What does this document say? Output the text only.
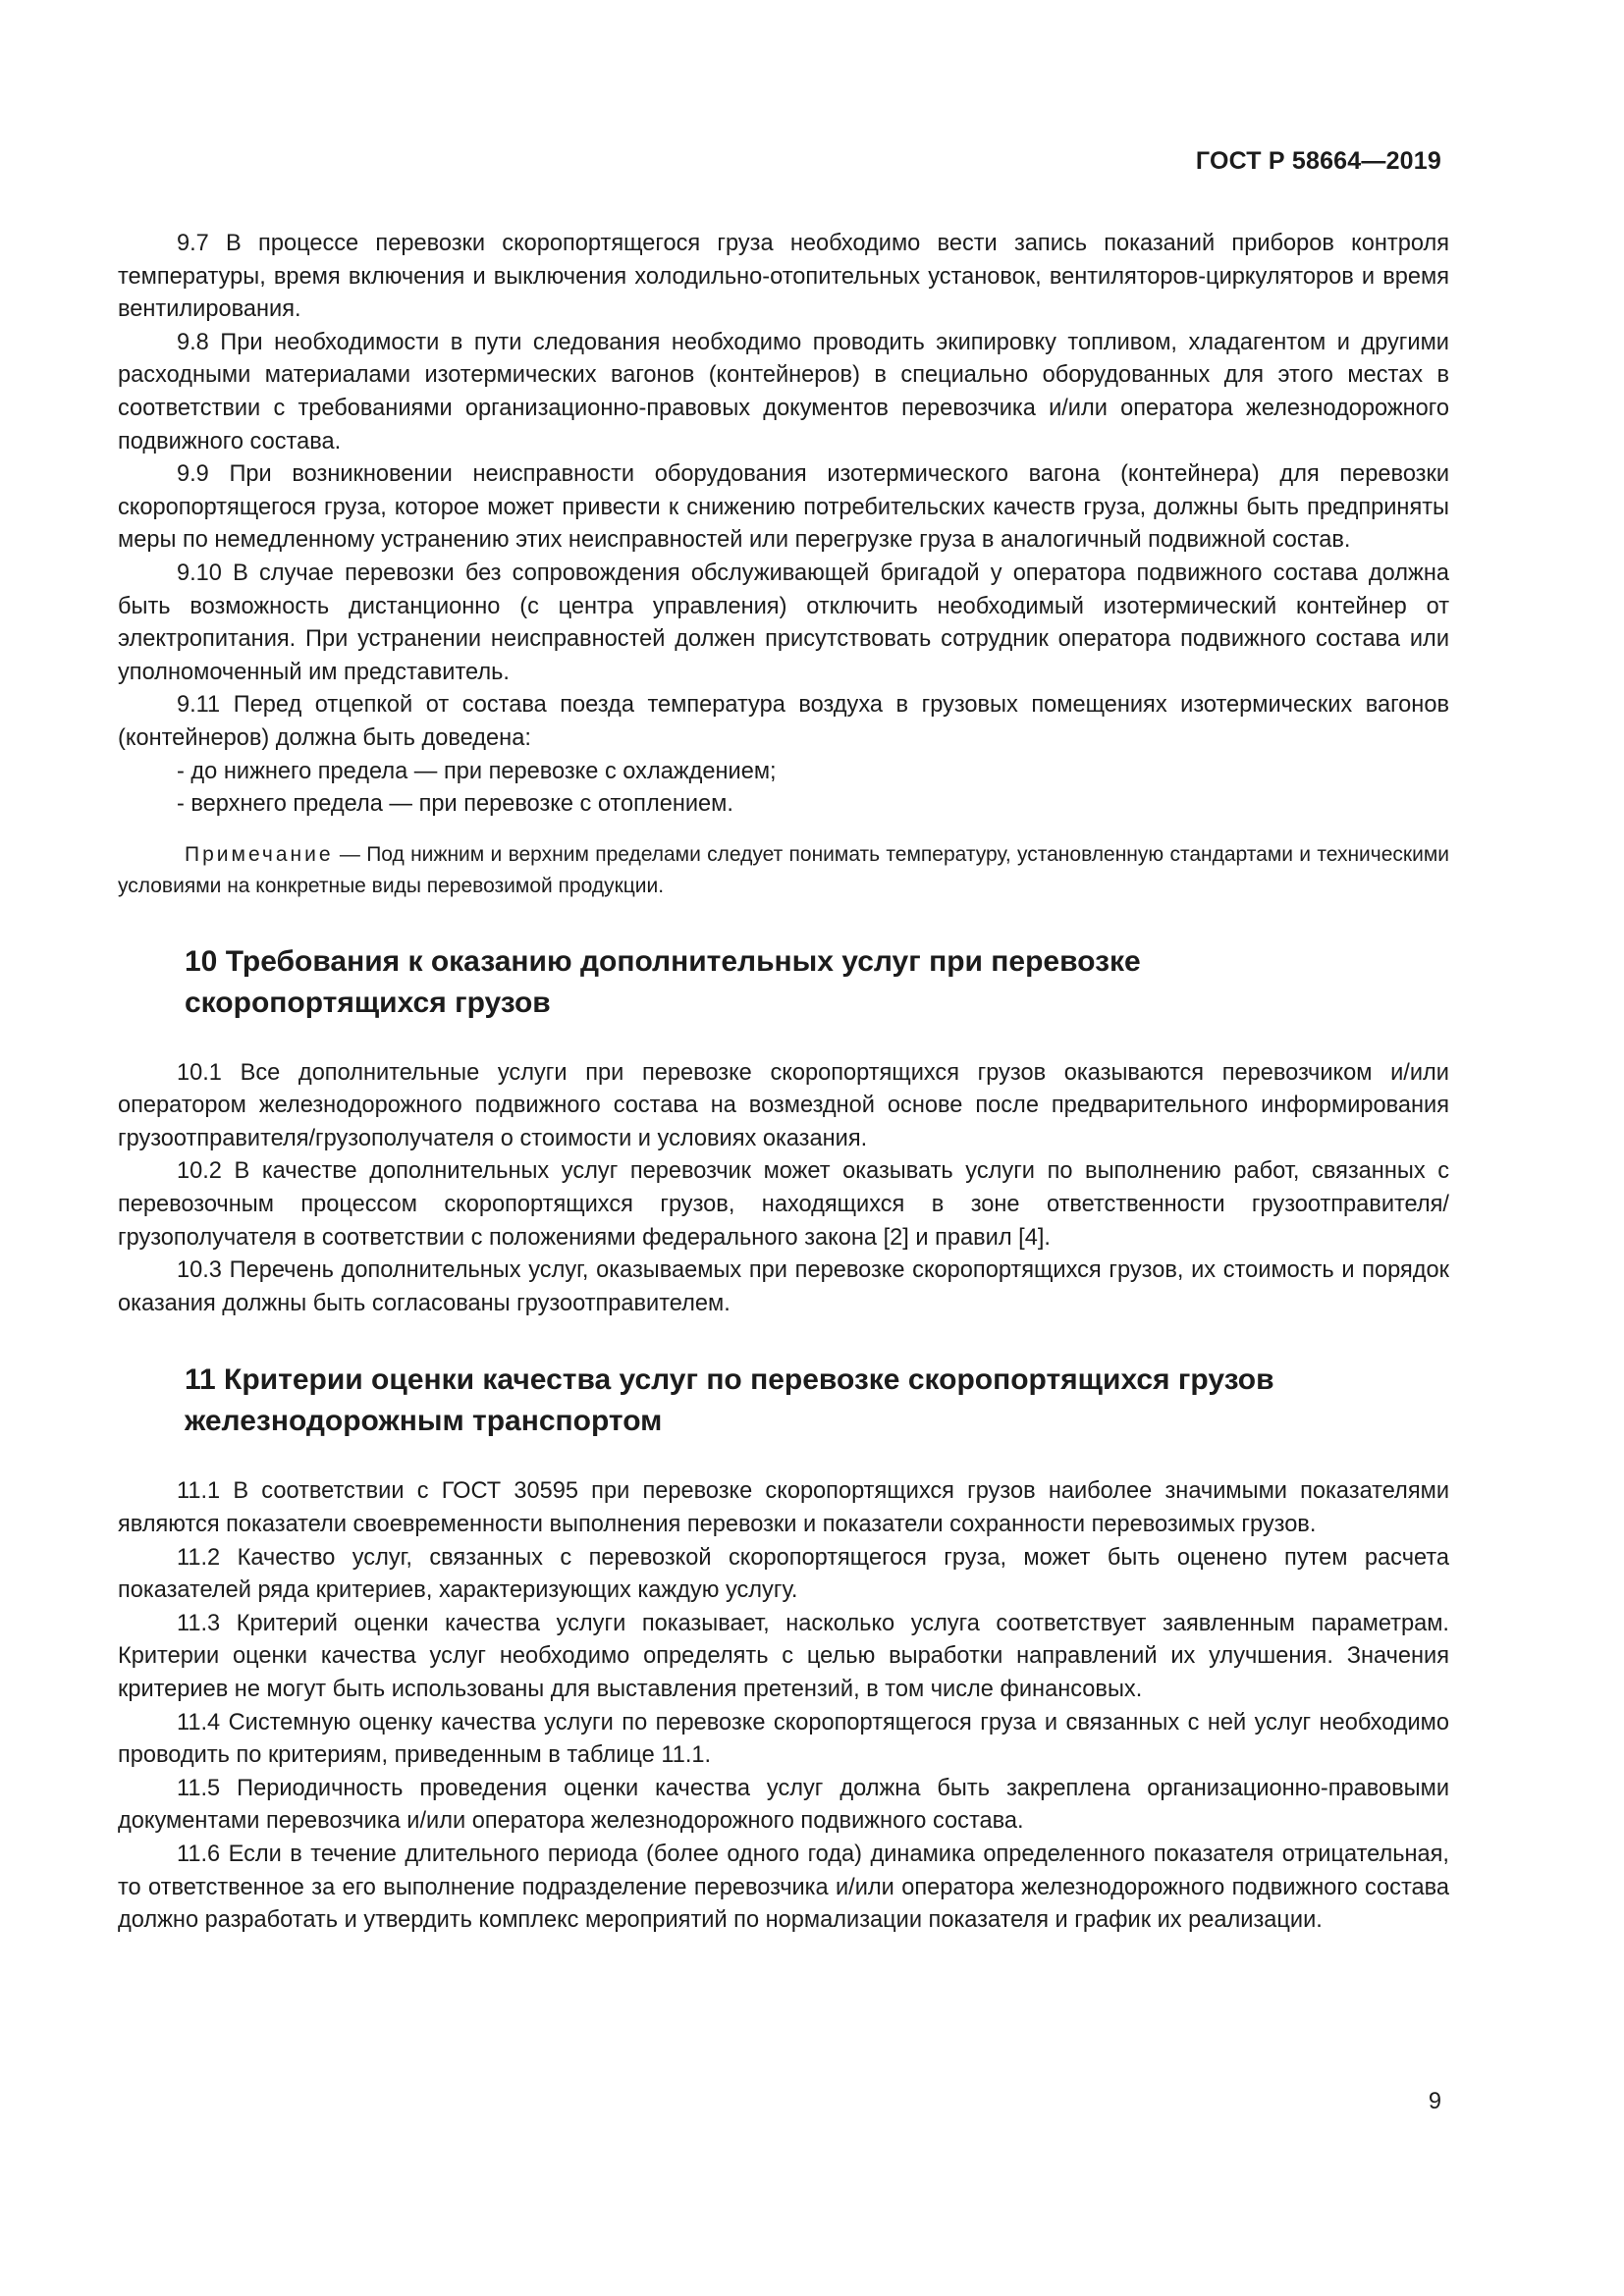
ГОСТ Р 58664—2019

9.7 В процессе перевозки скоропортящегося груза необходимо вести запись показаний приборов контроля температуры, время включения и выключения холодильно-отопительных установок, вентиляторов-циркуляторов и время вентилирования.

9.8 При необходимости в пути следования необходимо проводить экипировку топливом, хладагентом и другими расходными материалами изотермических вагонов (контейнеров) в специально оборудованных для этого местах в соответствии с требованиями организационно-правовых документов перевозчика и/или оператора железнодорожного подвижного состава.

9.9 При возникновении неисправности оборудования изотермического вагона (контейнера) для перевозки скоропортящегося груза, которое может привести к снижению потребительских качеств груза, должны быть предприняты меры по немедленному устранению этих неисправностей или перегрузке груза в аналогичный подвижной состав.

9.10 В случае перевозки без сопровождения обслуживающей бригадой у оператора подвижного состава должна быть возможность дистанционно (с центра управления) отключить необходимый изотермический контейнер от электропитания. При устранении неисправностей должен присутствовать сотрудник оператора подвижного состава или уполномоченный им представитель.

9.11 Перед отцепкой от состава поезда температура воздуха в грузовых помещениях изотермических вагонов (контейнеров) должна быть доведена:

- до нижнего предела — при перевозке с охлаждением;

- верхнего предела — при перевозке с отоплением.

Примечание — Под нижним и верхним пределами следует понимать температуру, установленную стандартами и техническими условиями на конкретные виды перевозимой продукции.

10 Требования к оказанию дополнительных услуг при перевозке
скоропортящихся грузов

10.1 Все дополнительные услуги при перевозке скоропортящихся грузов оказываются перевозчиком и/или оператором железнодорожного подвижного состава на возмездной основе после предварительного информирования грузоотправителя/грузополучателя о стоимости и условиях оказания.

10.2 В качестве дополнительных услуг перевозчик может оказывать услуги по выполнению работ, связанных с перевозочным процессом скоропортящихся грузов, находящихся в зоне ответственности грузоотправителя/грузополучателя в соответствии с положениями федерального закона [2] и правил [4].

10.3 Перечень дополнительных услуг, оказываемых при перевозке скоропортящихся грузов, их стоимость и порядок оказания должны быть согласованы грузоотправителем.

11 Критерии оценки качества услуг по перевозке скоропортящихся грузов
железнодорожным транспортом

11.1 В соответствии с ГОСТ 30595 при перевозке скоропортящихся грузов наиболее значимыми показателями являются показатели своевременности выполнения перевозки и показатели сохранности перевозимых грузов.

11.2 Качество услуг, связанных с перевозкой скоропортящегося груза, может быть оценено путем расчета показателей ряда критериев, характеризующих каждую услугу.

11.3 Критерий оценки качества услуги показывает, насколько услуга соответствует заявленным параметрам. Критерии оценки качества услуг необходимо определять с целью выработки направлений их улучшения. Значения критериев не могут быть использованы для выставления претензий, в том числе финансовых.

11.4 Системную оценку качества услуги по перевозке скоропортящегося груза и связанных с ней услуг необходимо проводить по критериям, приведенным в таблице 11.1.

11.5 Периодичность проведения оценки качества услуг должна быть закреплена организационно-правовыми документами перевозчика и/или оператора железнодорожного подвижного состава.

11.6 Если в течение длительного периода (более одного года) динамика определенного показателя отрицательная, то ответственное за его выполнение подразделение перевозчика и/или оператора железнодорожного подвижного состава должно разработать и утвердить комплекс мероприятий по нормализации показателя и график их реализации.

9
